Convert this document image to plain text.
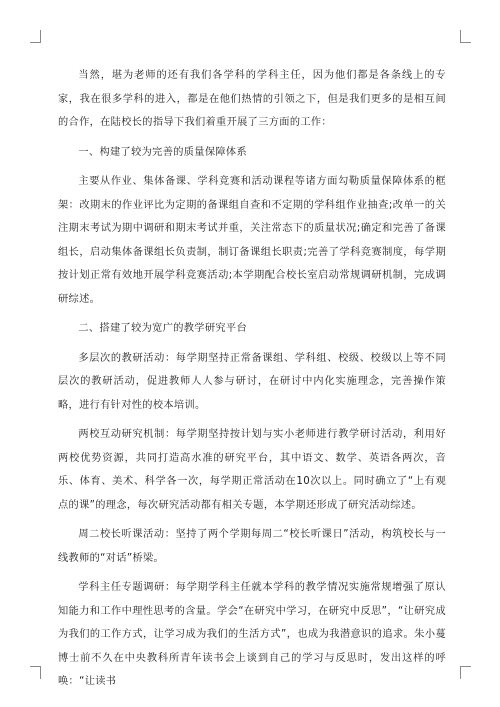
当然，堪为老师的还有我们各学科的学科主任，因为他们都是各条线上的专家，我在很多学科的进入，都是在他们热情的引领之下，但是我们更多的是相互间的合作，在陆校长的指导下我们着重开展了三方面的工作：

一、构建了较为完善的质量保障体系

主要从作业、集体备课、学科竞赛和活动课程等诸方面勾勒质量保障体系的框架：改期末的作业评比为定期的备课组自查和不定期的学科组作业抽查;改单一的关注期末考试为期中调研和期末考试并重，关注常态下的质量状况;确定和完善了备课组长，启动集体备课组长负责制，制订备课组长职责;完善了学科竞赛制度，每学期按计划正常有效地开展学科竞赛活动;本学期配合校长室启动常规调研机制，完成调研综述。

二、搭建了较为宽广的教学研究平台

多层次的教研活动：每学期坚持正常备课组、学科组、校级、校级以上等不同层次的教研活动，促进教师人人参与研讨，在研讨中内化实施理念，完善操作策略，进行有针对性的校本培训。

两校互动研究机制：每学期坚持按计划与实小老师进行教学研讨活动，利用好两校优势资源，共同打造高水准的研究平台，其中语文、数学、英语各两次，音乐、体育、美术、科学各一次，每学期正常活动在10次以上。同时确立了“上有观点的课”的理念，每次研究活动都有相关专题，本学期还形成了研究活动综述。

周二校长听课活动：坚持了两个学期每周二“校长听课日”活动，构筑校长与一线教师的“对话”桥梁。

学科主任专题调研：每学期学科主任就本学科的教学情况实施常规增强了原认知能力和工作中理性思考的含量。学会“在研究中学习，在研究中反思”，“让研究成为我们的工作方式，让学习成为我们的生活方式”，也成为我潜意识的追求。朱小蔓博士前不久在中央教科所青年读书会上谈到自己的学习与反思时，发出这样的呼唤：“让读书
